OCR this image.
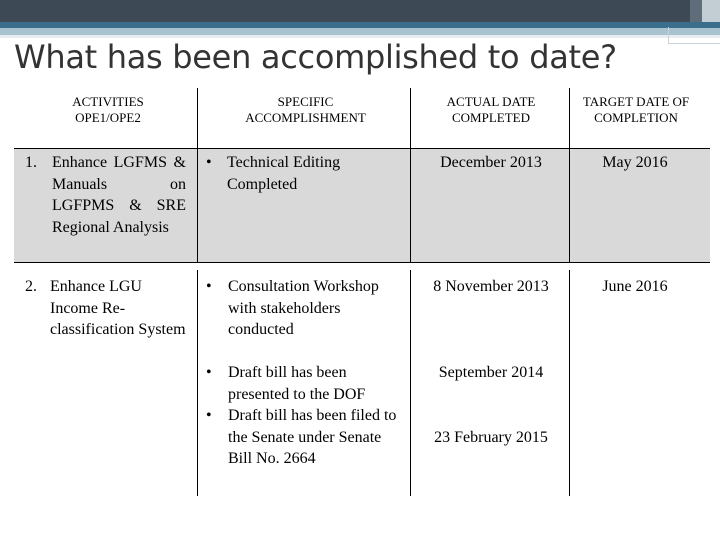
What has been accomplished to date?
ACTIVITIES OPE1/OPE2
SPECIFIC ACCOMPLISHMENT
ACTUAL DATE COMPLETED
TARGET DATE OF COMPLETION
1. Enhance LGFMS & Manuals on LGFPMS & SRE Regional Analysis
• Technical Editing Completed
December 2013	May 2016
2. Enhance LGU Income Re-classification System
• Consultation Workshop with stakeholders conducted
• Draft bill has been presented to the DOF
• Draft bill has been filed to the Senate under Senate Bill No. 2664
8 November 2013
September 2014
23 February 2015
June 2016
